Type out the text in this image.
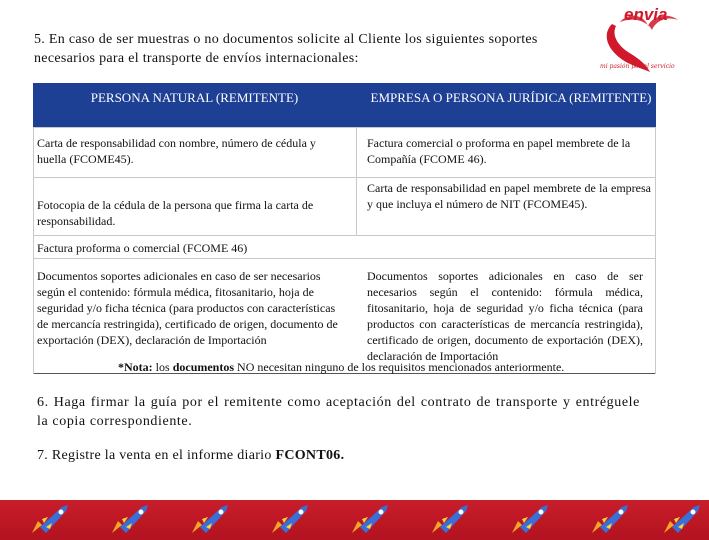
5. En caso de ser muestras o no documentos solicite al Cliente los siguientes soportes
necesarios para el transporte de envíos internacionales:
envia
mi pasión por el servicio
PERSONA NATURAL (REMITENTE)	EMPRESA O PERSONA JURÍDICA (REMITENTE)
Carta de responsabilidad con nombre, número de cédula y huella (FCOME45).
Factura comercial o proforma en papel membrete de la Compañía (FCOME 46).
Fotocopia de la cédula de la persona que firma la carta de responsabilidad.
Carta de responsabilidad en papel membrete de la empresa y que incluya el número de NIT (FCOME45).
Factura proforma o comercial (FCOME 46)
Documentos soportes adicionales en caso de ser necesarios según el contenido: fórmula médica, fitosanitario, hoja de seguridad y/o ficha técnica (para productos con características de mercancía restringida), certificado de origen, documento de exportación (DEX), declaración de Importación
Documentos soportes adicionales en caso de ser necesarios según el contenido: fórmula médica, fitosanitario, hoja de seguridad y/o ficha técnica (para productos con características de mercancía restringida), certificado de origen, documento de exportación (DEX), declaración de Importación
*Nota: los documentos NO necesitan ninguno de los requisitos mencionados anteriormente.
6. Haga firmar la guía por el remitente como aceptación del contrato de transporte y entréguele la copia correspondiente.
7. Registre la venta en el informe diario FCONT06.
